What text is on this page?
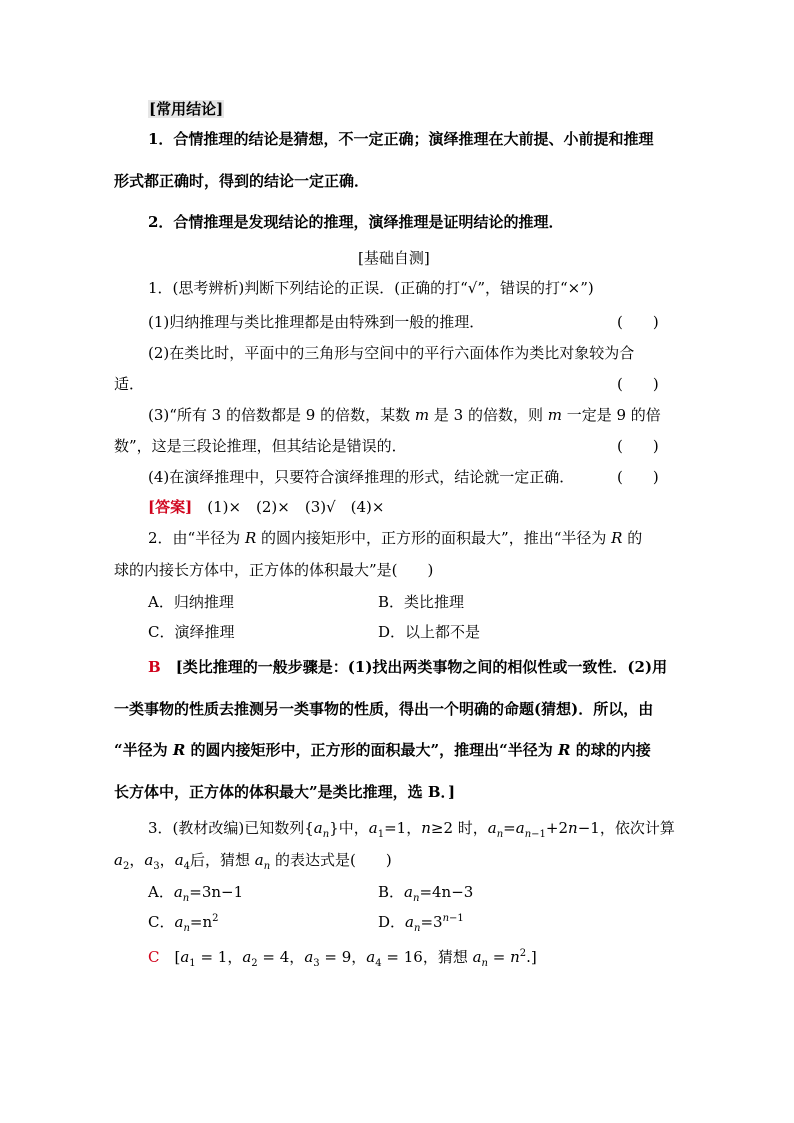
[常用结论]
1．合情推理的结论是猜想，不一定正确；演绎推理在大前提、小前提和推理
形式都正确时，得到的结论一定正确．
2．合情推理是发现结论的推理，演绎推理是证明结论的推理．
[基础自测]
1．(思考辨析)判断下列结论的正误．(正确的打“√”，错误的打“×”)
(1)归纳推理与类比推理都是由特殊到一般的推理．	(　　)
(2)在类比时，平面中的三角形与空间中的平行六面体作为类比对象较为合
适．	(　　)
(3)“所有 3 的倍数都是 9 的倍数，某数 m 是 3 的倍数，则 m 一定是 9 的倍
数”，这是三段论推理，但其结论是错误的．	(　　)
(4)在演绎推理中，只要符合演绎推理的形式，结论就一定正确．	(　　)
[答案]　 (1)×　(2)×　(3)√　(4)×
2．由“半径为 R 的圆内接矩形中，正方形的面积最大”，推出“半径为 R 的
球的内接长方体中，正方体的体积最大”是(　　)
A．归纳推理	B．类比推理
C．演绎推理	D．以上都不是
B　 [类比推理的一般步骤是：(1)找出两类事物之间的相似性或一致性．(2)用
一类事物的性质去推测另一类事物的性质，得出一个明确的命题(猜想)．所以，由
“半径为 R 的圆内接矩形中，正方形的面积最大”，推理出“半径为 R 的球的内接
长方体中，正方体的体积最大”是类比推理，选 B．]
3．(教材改编)已知数列$\{a_n\}$中，$a_1=1$，n≥2 时，$a_n=a_{n-1}+2n-1$，依次计算
$a_2$，$a_3$，$a_4$后，猜想 $a_n$ 的表达式是(　　)
A．$a_n=3n-1$	B．$a_n=4n-3$
C．$a_n=n^2$	D．$a_n=3^{n-1}$
C　[$a_1 = 1$，$a_2 = 4$，$a_3 = 9$，$a_4 = 16$，猜想 $a_n = n^2$.]
